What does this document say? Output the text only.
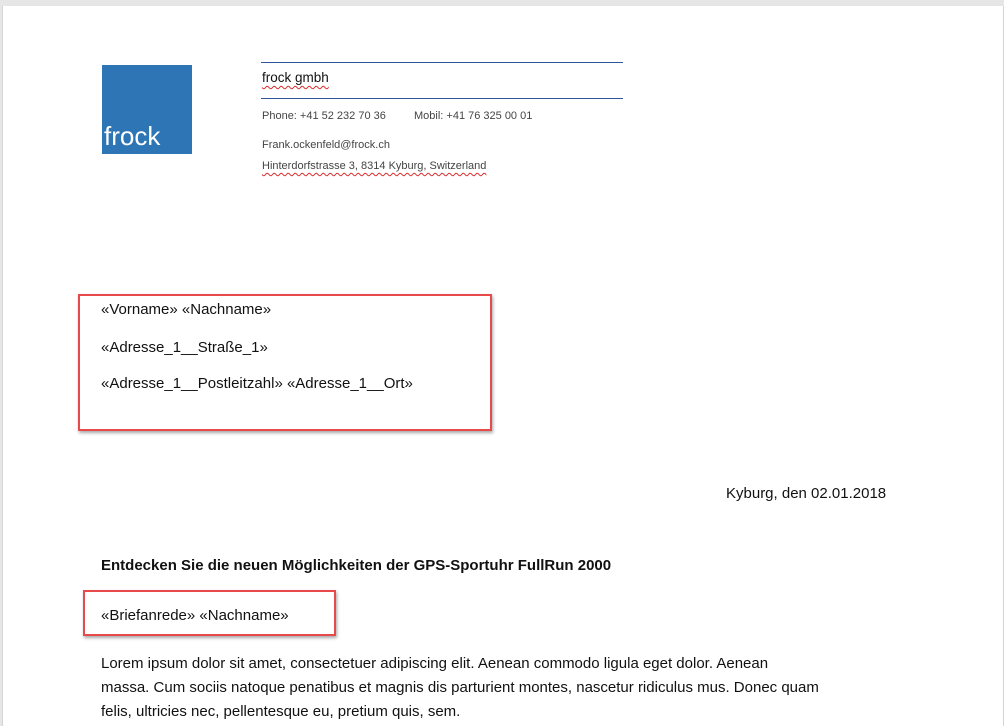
frock
frock gmbh
Phone: +41 52 232 70 36	Mobil: +41 76 325 00 01
Frank.ockenfeld@frock.ch
Hinterdorfstrasse 3, 8314 Kyburg, Switzerland
«Vorname» «Nachname»
«Adresse_1__Straße_1»
«Adresse_1__Postleitzahl» «Adresse_1__Ort»
Kyburg, den 02.01.2018
Entdecken Sie die neuen Möglichkeiten der GPS-Sportuhr FullRun 2000
«Briefanrede» «Nachname»

Lorem ipsum dolor sit amet, consectetuer adipiscing elit. Aenean commodo ligula eget dolor. Aenean

massa. Cum sociis natoque penatibus et magnis dis parturient montes, nascetur ridiculus mus. Donec quam

felis, ultricies nec, pellentesque eu, pretium quis, sem.
